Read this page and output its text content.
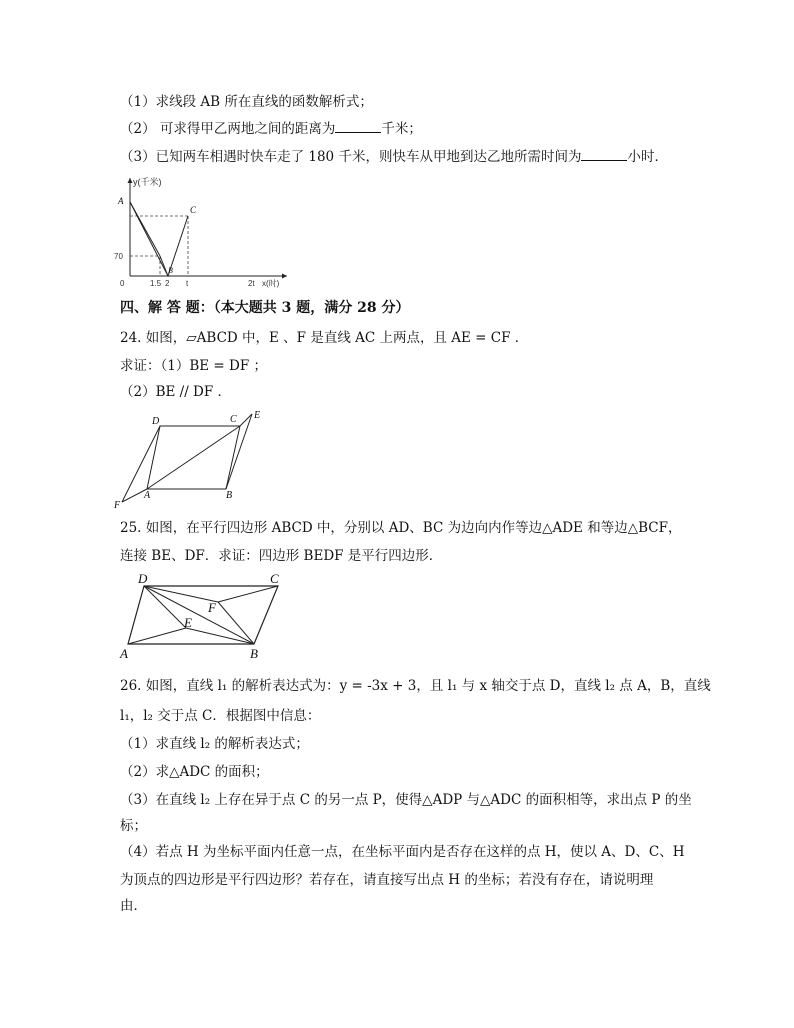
（1）求线段 AB 所在直线的函数解析式；
（2） 可求得甲乙两地之间的距离为	千米；
（3）已知两车相遇时快车走了 180 千米，则快车从甲地到达乙地所需时间为	小时．
y(千米)
A
C
B
70
0	1.5 2 t	2t x(时)
四、解 答 题：（本大题共 3 题，满分 28 分）
24. 如图，▱ABCD 中，E 、F 是直线 AC 上两点，且 AE = CF ．
求证：（1）BE = DF ；
（2）BE // DF ．
D	C E
A	B
F
25. 如图，在平行四边形 ABCD 中，分别以 AD、BC 为边向内作等边△ADE 和等边△BCF，
连接 BE、DF．求证：四边形 BEDF 是平行四边形．
D	C
F
E
A	B
26. 如图，直线 l₁ 的解析表达式为：y = -3x + 3，且 l₁ 与 x 轴交于点 D，直线 l₂ 点 A，B，直线
l₁，l₂ 交于点 C．根据图中信息：
（1）求直线 l₂ 的解析表达式；
（2）求△ADC 的面积；
（3）在直线 l₂ 上存在异于点 C 的另一点 P，使得△ADP 与△ADC 的面积相等，求出点 P 的坐
标；
（4）若点 H 为坐标平面内任意一点，在坐标平面内是否存在这样的点 H，使以 A、D、C、H
为顶点的四边形是平行四边形？若存在，请直接写出点 H 的坐标；若没有存在，请说明理
由．
